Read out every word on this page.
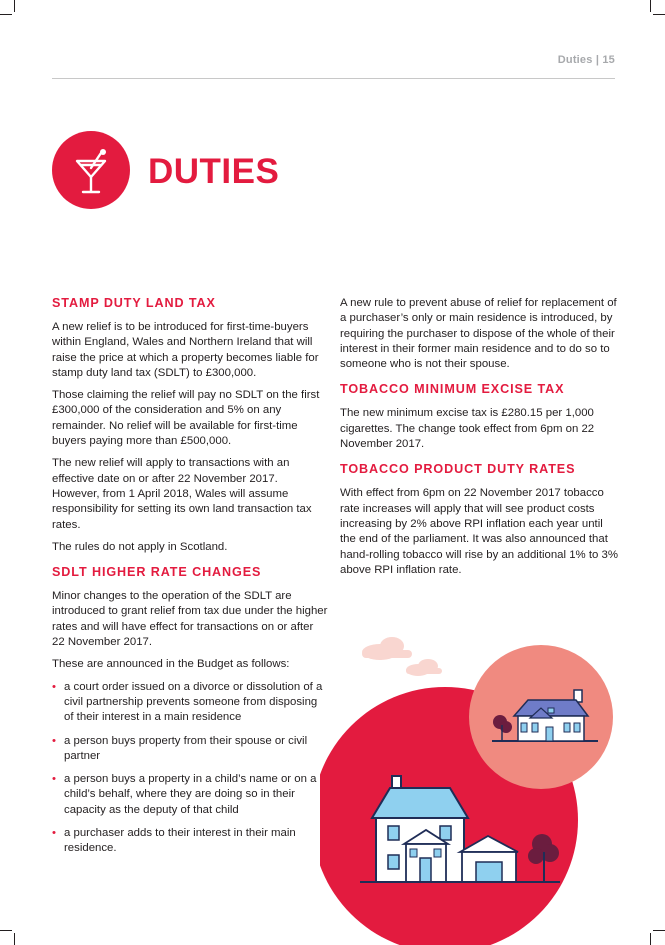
Duties | 15
DUTIES
STAMP DUTY LAND TAX

A new relief is to be introduced for first-time-buyers within England, Wales and Northern Ireland that will raise the price at which a property becomes liable for stamp duty land tax (SDLT) to £300,000.

Those claiming the relief will pay no SDLT on the first £300,000 of the consideration and 5% on any remainder. No relief will be available for first-time buyers paying more than £500,000.

The new relief will apply to transactions with an effective date on or after 22 November 2017. However, from 1 April 2018, Wales will assume responsibility for setting its own land transaction tax rates.

The rules do not apply in Scotland.

SDLT HIGHER RATE CHANGES

Minor changes to the operation of the SDLT are introduced to grant relief from tax due under the higher rates and will have effect for transactions on or after 22 November 2017.

These are announced in the Budget as follows:

• a court order issued on a divorce or dissolution of a civil partnership prevents someone from disposing of their interest in a main residence
• a person buys property from their spouse or civil partner
• a person buys a property in a child’s name or on a child’s behalf, where they are doing so in their capacity as the deputy of that child
• a purchaser adds to their interest in their main residence.

A new rule to prevent abuse of relief for replacement of a purchaser’s only or main residence is introduced, by requiring the purchaser to dispose of the whole of their interest in their former main residence and to do so to someone who is not their spouse.

TOBACCO MINIMUM EXCISE TAX

The new minimum excise tax is £280.15 per 1,000 cigarettes. The change took effect from 6pm on 22 November 2017.

TOBACCO PRODUCT DUTY RATES

With effect from 6pm on 22 November 2017 tobacco rate increases will apply that will see product costs increasing by 2% above RPI inflation each year until the end of the parliament. It was also announced that hand-rolling tobacco will rise by an additional 1% to 3% above RPI inflation rate.
